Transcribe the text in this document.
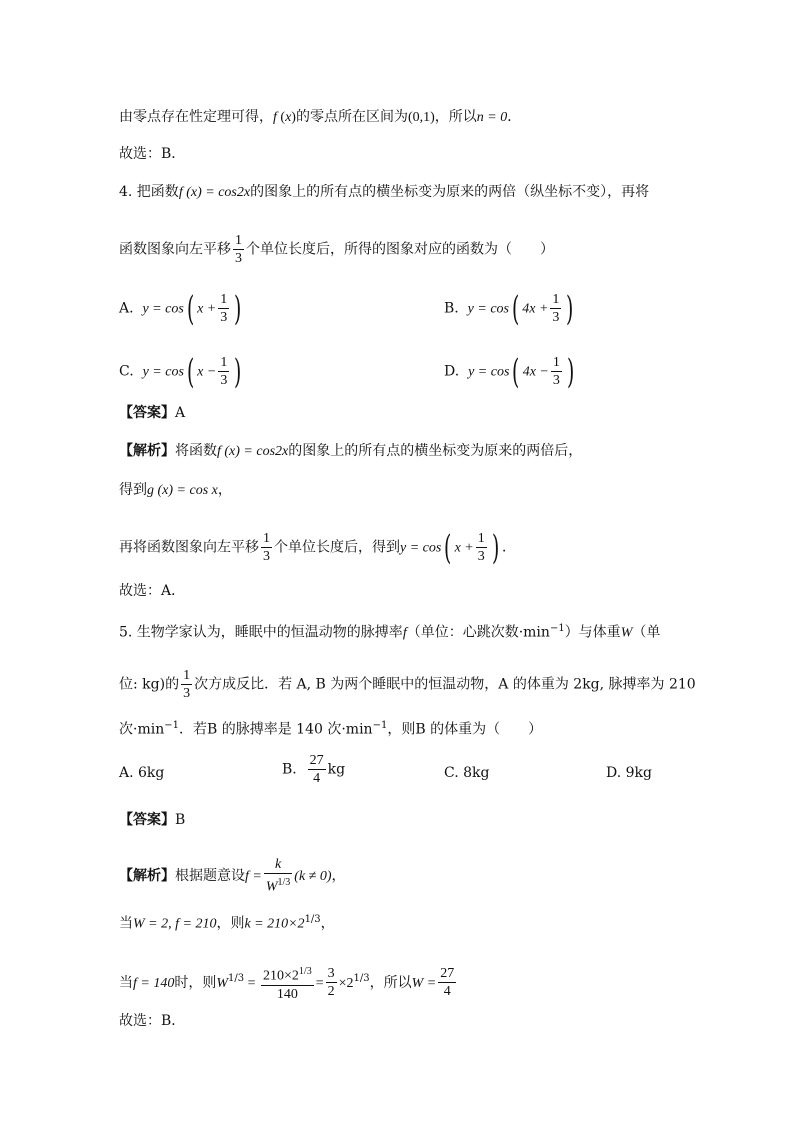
由零点存在性定理可得，f (x)的零点所在区间为(0,1)，所以n = 0．
故选：B．
4. 把函数f (x) = cos2x的图象上的所有点的横坐标变为原来的两倍（纵坐标不变），再将
函数图象向左平移 $\frac{1}{3}$ 个单位长度后，所得的图象对应的函数为（　　）
A. y = cos( $x + \frac{1}{3}$ )	B. y = cos( $4x + \frac{1}{3}$ )
C. y = cos( $x - \frac{1}{3}$ )	D. y = cos( $4x - \frac{1}{3}$ )
【答案】A
【解析】将函数f (x) = cos2x的图象上的所有点的横坐标变为原来的两倍后，
得到g (x) = cos x，
再将函数图象向左平移 $\frac{1}{3}$ 个单位长度后，得到y = cos( $x + \frac{1}{3}$ ) ．
故选：A．
5. 生物学家认为，睡眠中的恒温动物的脉搏率f（单位：心跳次数$\cdot\min^{-1}$）与体重W（单
位: kg)的 $\frac{1}{3}$ 次方成反比．若 A, B 为两个睡眠中的恒温动物，A 的体重为 2kg, 脉搏率为 210
次$\cdot\min^{-1}$．若B 的脉搏率是 140 次$\cdot\min^{-1}$，则B 的体重为（　　）
A. 6kg	B. $\frac{27}{4}$ kg	C. 8kg	D. 9kg
【答案】B
【解析】根据题意设$f = \frac{k}{W^{1/3}} (k \ne 0)$，
当W = 2, f = 210，则$k = 210\times 2^{1/3}$，
当f = 140时，则$W^{1/3} = \frac{210\times 2^{1/3}}{140} = \frac{3}{2} \times 2^{1/3}$，所以$W = \frac{27}{4}$
故选：B．
